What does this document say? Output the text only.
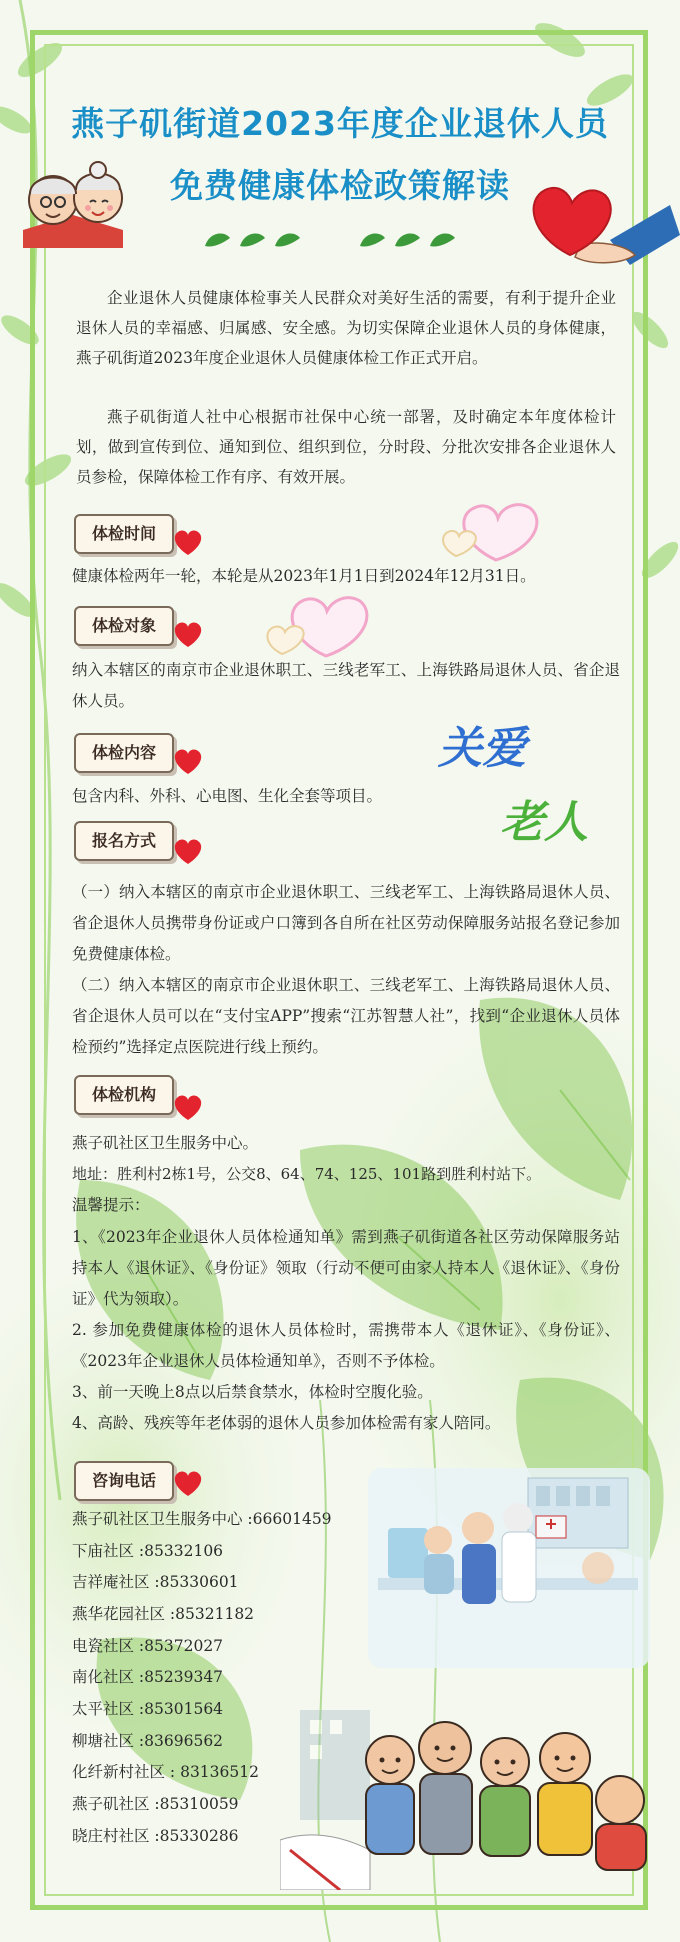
燕子矶街道2023年度企业退休人员
免费健康体检政策解读

企业退休人员健康体检事关人民群众对美好生活的需要，有利于提升企业退休人员的幸福感、归属感、安全感。为切实保障企业退休人员的身体健康，燕子矶街道2023年度企业退休人员健康体检工作正式开启。

燕子矶街道人社中心根据市社保中心统一部署，及时确定本年度体检计划，做到宣传到位、通知到位、组织到位，分时段、分批次安排各企业退休人员参检，保障体检工作有序、有效开展。

体检时间

健康体检两年一轮，本轮是从2023年1月1日到2024年12月31日。

体检对象

纳入本辖区的南京市企业退休职工、三线老军工、上海铁路局退休人员、省企退休人员。

关爱
老人
体检内容

包含内科、外科、心电图、生化全套等项目。

报名方式

（一）纳入本辖区的南京市企业退休职工、三线老军工、上海铁路局退休人员、省企退休人员携带身份证或户口簿到各自所在社区劳动保障服务站报名登记参加免费健康体检。

（二）纳入本辖区的南京市企业退休职工、三线老军工、上海铁路局退休人员、省企退休人员可以在“支付宝APP”搜索“江苏智慧人社”，找到“企业退休人员体检预约”选择定点医院进行线上预约。

体检机构

燕子矶社区卫生服务中心。

地址：胜利村2栋1号，公交8、64、74、125、101路到胜利村站下。

温馨提示：

1、《2023年企业退休人员体检通知单》需到燕子矶街道各社区劳动保障服务站持本人《退休证》、《身份证》领取（行动不便可由家人持本人《退休证》、《身份证》代为领取）。

2. 参加免费健康体检的退休人员体检时，需携带本人《退休证》、《身份证》、《2023年企业退休人员体检通知单》，否则不予体检。

3、前一天晚上8点以后禁食禁水，体检时空腹化验。

4、高龄、残疾等年老体弱的退休人员参加体检需有家人陪同。

咨询电话

燕子矶社区卫生服务中心 :66601459

下庙社区 :85332106

吉祥庵社区 :85330601

燕华花园社区 :85321182

电瓷社区 :85372027

南化社区 :85239347

太平社区 :85301564

柳塘社区 :83696562

化纤新村社区 : 83136512

燕子矶社区 :85310059

晓庄村社区 :85330286
